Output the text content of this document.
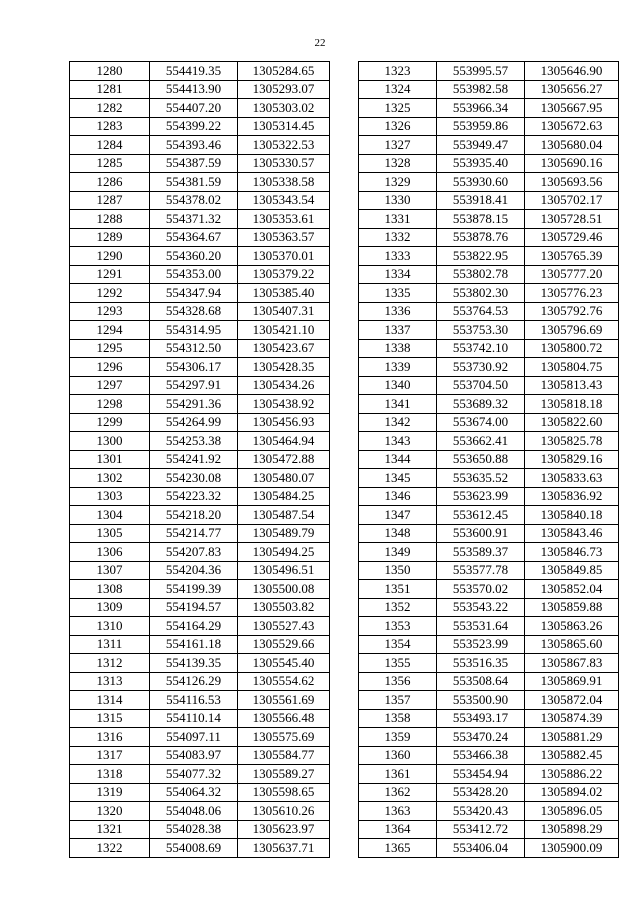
22
1280	554419.35	1305284.65
1281	554413.90	1305293.07
1282	554407.20	1305303.02
1283	554399.22	1305314.45
1284	554393.46	1305322.53
1285	554387.59	1305330.57
1286	554381.59	1305338.58
1287	554378.02	1305343.54
1288	554371.32	1305353.61
1289	554364.67	1305363.57
1290	554360.20	1305370.01
1291	554353.00	1305379.22
1292	554347.94	1305385.40
1293	554328.68	1305407.31
1294	554314.95	1305421.10
1295	554312.50	1305423.67
1296	554306.17	1305428.35
1297	554297.91	1305434.26
1298	554291.36	1305438.92
1299	554264.99	1305456.93
1300	554253.38	1305464.94
1301	554241.92	1305472.88
1302	554230.08	1305480.07
1303	554223.32	1305484.25
1304	554218.20	1305487.54
1305	554214.77	1305489.79
1306	554207.83	1305494.25
1307	554204.36	1305496.51
1308	554199.39	1305500.08
1309	554194.57	1305503.82
1310	554164.29	1305527.43
1311	554161.18	1305529.66
1312	554139.35	1305545.40
1313	554126.29	1305554.62
1314	554116.53	1305561.69
1315	554110.14	1305566.48
1316	554097.11	1305575.69
1317	554083.97	1305584.77
1318	554077.32	1305589.27
1319	554064.32	1305598.65
1320	554048.06	1305610.26
1321	554028.38	1305623.97
1322	554008.69	1305637.71
1323	553995.57	1305646.90
1324	553982.58	1305656.27
1325	553966.34	1305667.95
1326	553959.86	1305672.63
1327	553949.47	1305680.04
1328	553935.40	1305690.16
1329	553930.60	1305693.56
1330	553918.41	1305702.17
1331	553878.15	1305728.51
1332	553878.76	1305729.46
1333	553822.95	1305765.39
1334	553802.78	1305777.20
1335	553802.30	1305776.23
1336	553764.53	1305792.76
1337	553753.30	1305796.69
1338	553742.10	1305800.72
1339	553730.92	1305804.75
1340	553704.50	1305813.43
1341	553689.32	1305818.18
1342	553674.00	1305822.60
1343	553662.41	1305825.78
1344	553650.88	1305829.16
1345	553635.52	1305833.63
1346	553623.99	1305836.92
1347	553612.45	1305840.18
1348	553600.91	1305843.46
1349	553589.37	1305846.73
1350	553577.78	1305849.85
1351	553570.02	1305852.04
1352	553543.22	1305859.88
1353	553531.64	1305863.26
1354	553523.99	1305865.60
1355	553516.35	1305867.83
1356	553508.64	1305869.91
1357	553500.90	1305872.04
1358	553493.17	1305874.39
1359	553470.24	1305881.29
1360	553466.38	1305882.45
1361	553454.94	1305886.22
1362	553428.20	1305894.02
1363	553420.43	1305896.05
1364	553412.72	1305898.29
1365	553406.04	1305900.09
